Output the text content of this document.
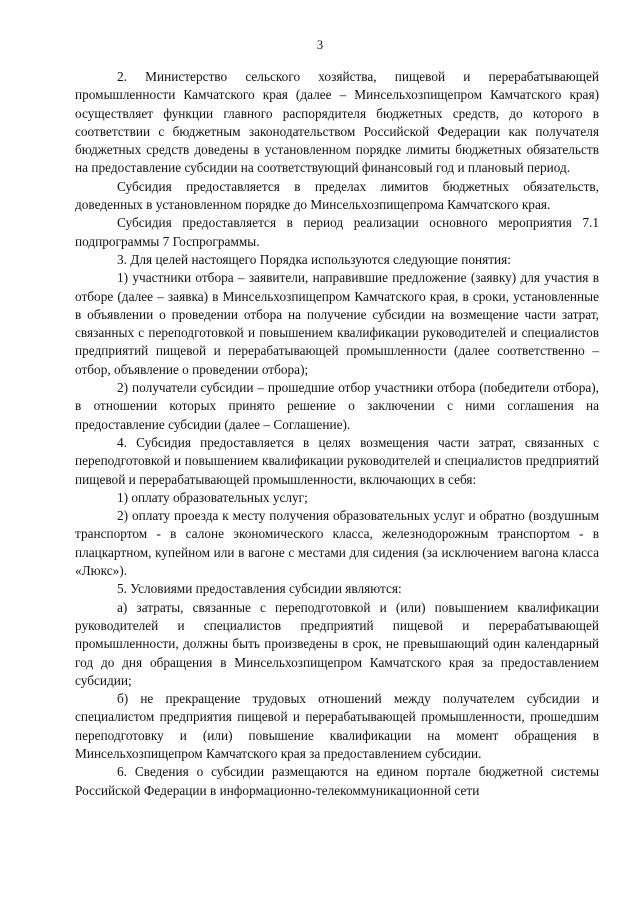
3

2. Министерство сельского хозяйства, пищевой и перерабатывающей промышленности Камчатского края (далее – Минсельхозпищепром Камчатского края) осуществляет функции главного распорядителя бюджетных средств, до которого в соответствии с бюджетным законодательством Российской Федерации как получателя бюджетных средств доведены в установленном порядке лимиты бюджетных обязательств на предоставление субсидии на соответствующий финансовый год и плановый период.

Субсидия предоставляется в пределах лимитов бюджетных обязательств, доведенных в установленном порядке до Минсельхозпищепрома Камчатского края.

Субсидия предоставляется в период реализации основного мероприятия 7.1 подпрограммы 7 Госпрограммы.

3. Для целей настоящего Порядка используются следующие понятия:

1) участники отбора – заявители, направившие предложение (заявку) для участия в отборе (далее – заявка) в Минсельхозпищепром Камчатского края, в сроки, установленные в объявлении о проведении отбора на получение субсидии на возмещение части затрат, связанных с переподготовкой и повышением квалификации руководителей и специалистов предприятий пищевой и перерабатывающей промышленности (далее соответственно – отбор, объявление о проведении отбора);

2) получатели субсидии – прошедшие отбор участники отбора (победители отбора), в отношении которых принято решение о заключении с ними соглашения на предоставление субсидии (далее – Соглашение).

4. Субсидия предоставляется в целях возмещения части затрат, связанных с переподготовкой и повышением квалификации руководителей и специалистов предприятий пищевой и перерабатывающей промышленности, включающих в себя:

1) оплату образовательных услуг;

2) оплату проезда к месту получения образовательных услуг и обратно (воздушным транспортом - в салоне экономического класса, железнодорожным транспортом - в плацкартном, купейном или в вагоне с местами для сидения (за исключением вагона класса «Люкс»).

5. Условиями предоставления субсидии являются:

а) затраты, связанные с переподготовкой и (или) повышением квалификации руководителей и специалистов предприятий пищевой и перерабатывающей промышленности, должны быть произведены в срок, не превышающий один календарный год до дня обращения в Минсельхозпищепром Камчатского края за предоставлением субсидии;

б) не прекращение трудовых отношений между получателем субсидии и специалистом предприятия пищевой и перерабатывающей промышленности, прошедшим переподготовку и (или) повышение квалификации на момент обращения в Минсельхозпищепром Камчатского края за предоставлением субсидии.

6. Сведения о субсидии размещаются на едином портале бюджетной системы Российской Федерации в информационно-телекоммуникационной сети
